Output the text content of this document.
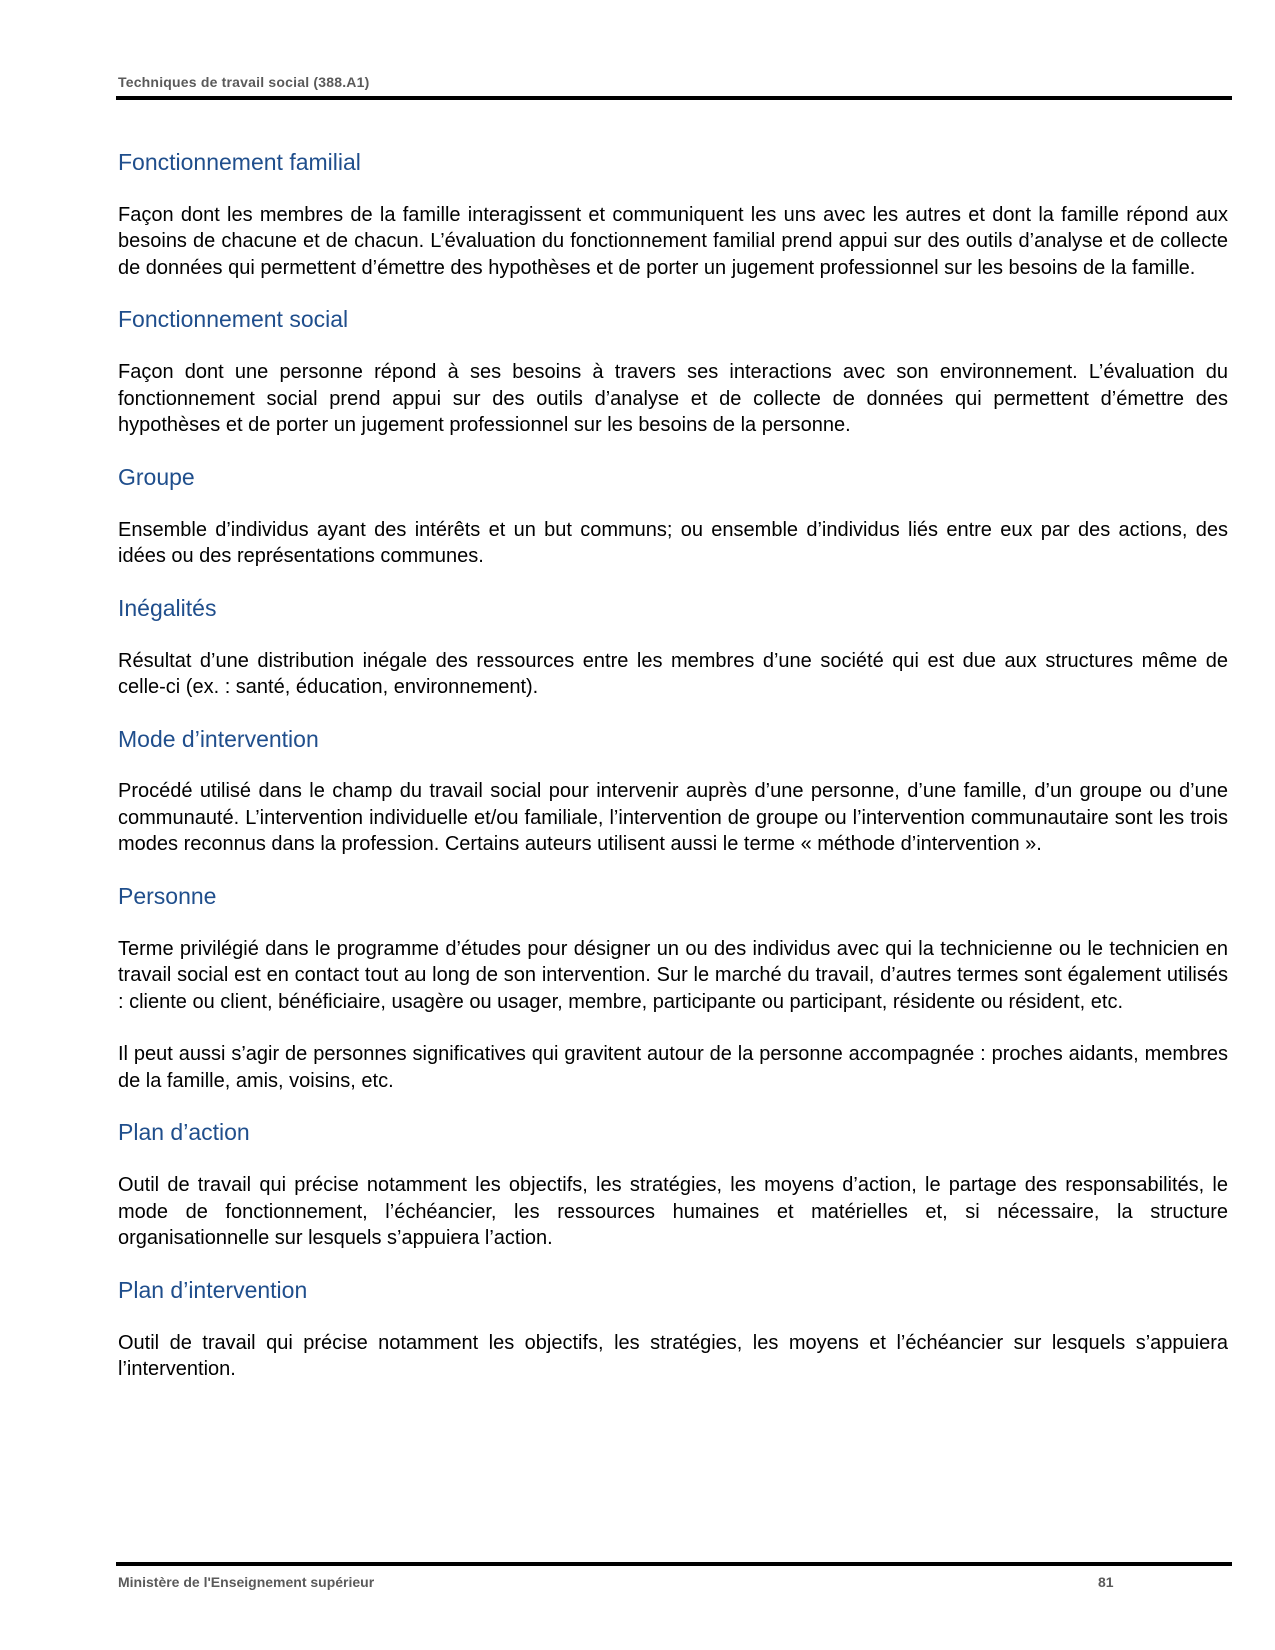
Techniques de travail social (388.A1)
Fonctionnement familial

Façon dont les membres de la famille interagissent et communiquent les uns avec les autres et dont la famille répond aux besoins de chacune et de chacun. L’évaluation du fonctionnement familial prend appui sur des outils d’analyse et de collecte de données qui permettent d’émettre des hypothèses et de porter un jugement professionnel sur les besoins de la famille.

Fonctionnement social

Façon dont une personne répond à ses besoins à travers ses interactions avec son environnement. L’évaluation du fonctionnement social prend appui sur des outils d’analyse et de collecte de données qui permettent d’émettre des hypothèses et de porter un jugement professionnel sur les besoins de la personne.

Groupe

Ensemble d’individus ayant des intérêts et un but communs; ou ensemble d’individus liés entre eux par des actions, des idées ou des représentations communes.

Inégalités

Résultat d’une distribution inégale des ressources entre les membres d’une société qui est due aux structures même de celle-ci (ex. : santé, éducation, environnement).

Mode d’intervention

Procédé utilisé dans le champ du travail social pour intervenir auprès d’une personne, d’une famille, d’un groupe ou d’une communauté. L’intervention individuelle et/ou familiale, l’intervention de groupe ou l’intervention communautaire sont les trois modes reconnus dans la profession. Certains auteurs utilisent aussi le terme « méthode d’intervention ».

Personne

Terme privilégié dans le programme d’études pour désigner un ou des individus avec qui la technicienne ou le technicien en travail social est en contact tout au long de son intervention. Sur le marché du travail, d’autres termes sont également utilisés : cliente ou client, bénéficiaire, usagère ou usager, membre, participante ou participant, résidente ou résident, etc.

Il peut aussi s’agir de personnes significatives qui gravitent autour de la personne accompagnée : proches aidants, membres de la famille, amis, voisins, etc.

Plan d’action

Outil de travail qui précise notamment les objectifs, les stratégies, les moyens d’action, le partage des responsabilités, le mode de fonctionnement, l’échéancier, les ressources humaines et matérielles et, si nécessaire, la structure organisationnelle sur lesquels s’appuiera l’action.

Plan d’intervention

Outil de travail qui précise notamment les objectifs, les stratégies, les moyens et l’échéancier sur lesquels s’appuiera l’intervention.

Ministère de l'Enseignement supérieur	81
